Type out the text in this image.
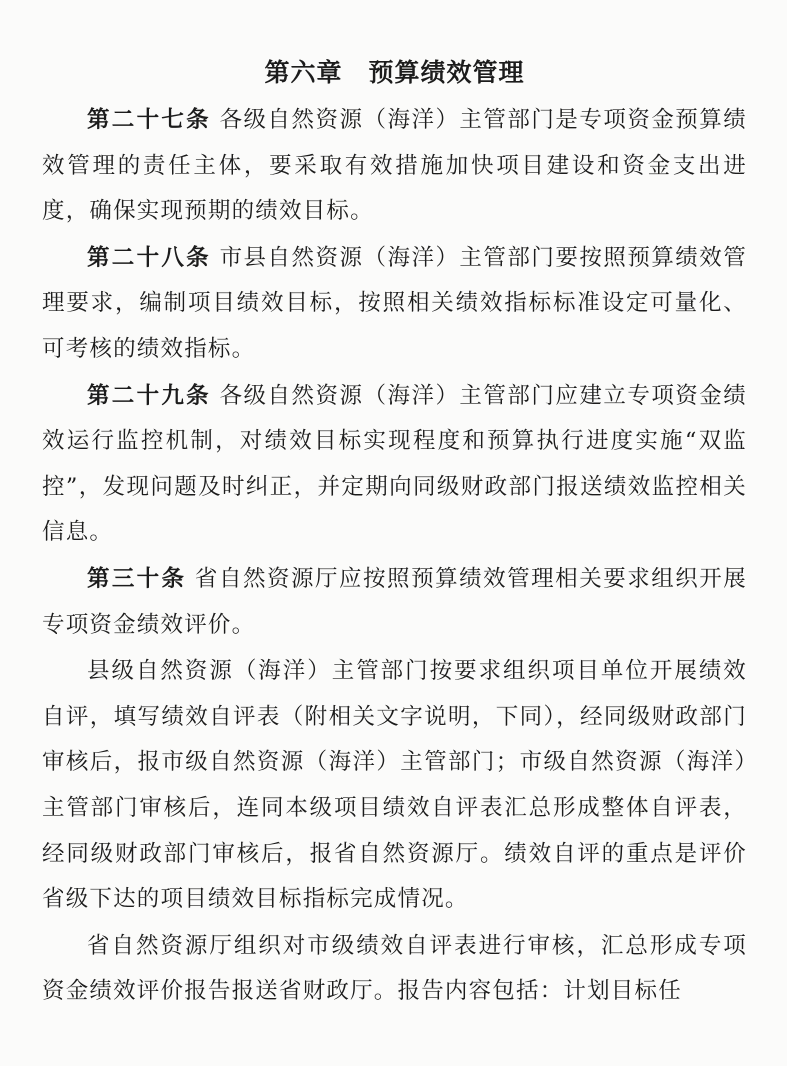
第六章　预算绩效管理

第二十七条 各级自然资源（海洋）主管部门是专项资金预算绩效管理的责任主体，要采取有效措施加快项目建设和资金支出进度，确保实现预期的绩效目标。

第二十八条 市县自然资源（海洋）主管部门要按照预算绩效管理要求，编制项目绩效目标，按照相关绩效指标标准设定可量化、可考核的绩效指标。

第二十九条 各级自然资源（海洋）主管部门应建立专项资金绩效运行监控机制，对绩效目标实现程度和预算执行进度实施“双监控”，发现问题及时纠正，并定期向同级财政部门报送绩效监控相关信息。

第三十条 省自然资源厅应按照预算绩效管理相关要求组织开展专项资金绩效评价。

县级自然资源（海洋）主管部门按要求组织项目单位开展绩效自评，填写绩效自评表（附相关文字说明，下同），经同级财政部门审核后，报市级自然资源（海洋）主管部门；市级自然资源（海洋）主管部门审核后，连同本级项目绩效自评表汇总形成整体自评表，经同级财政部门审核后，报省自然资源厅。绩效自评的重点是评价省级下达的项目绩效目标指标完成情况。

省自然资源厅组织对市级绩效自评表进行审核，汇总形成专项资金绩效评价报告报送省财政厅。报告内容包括：计划目标任
